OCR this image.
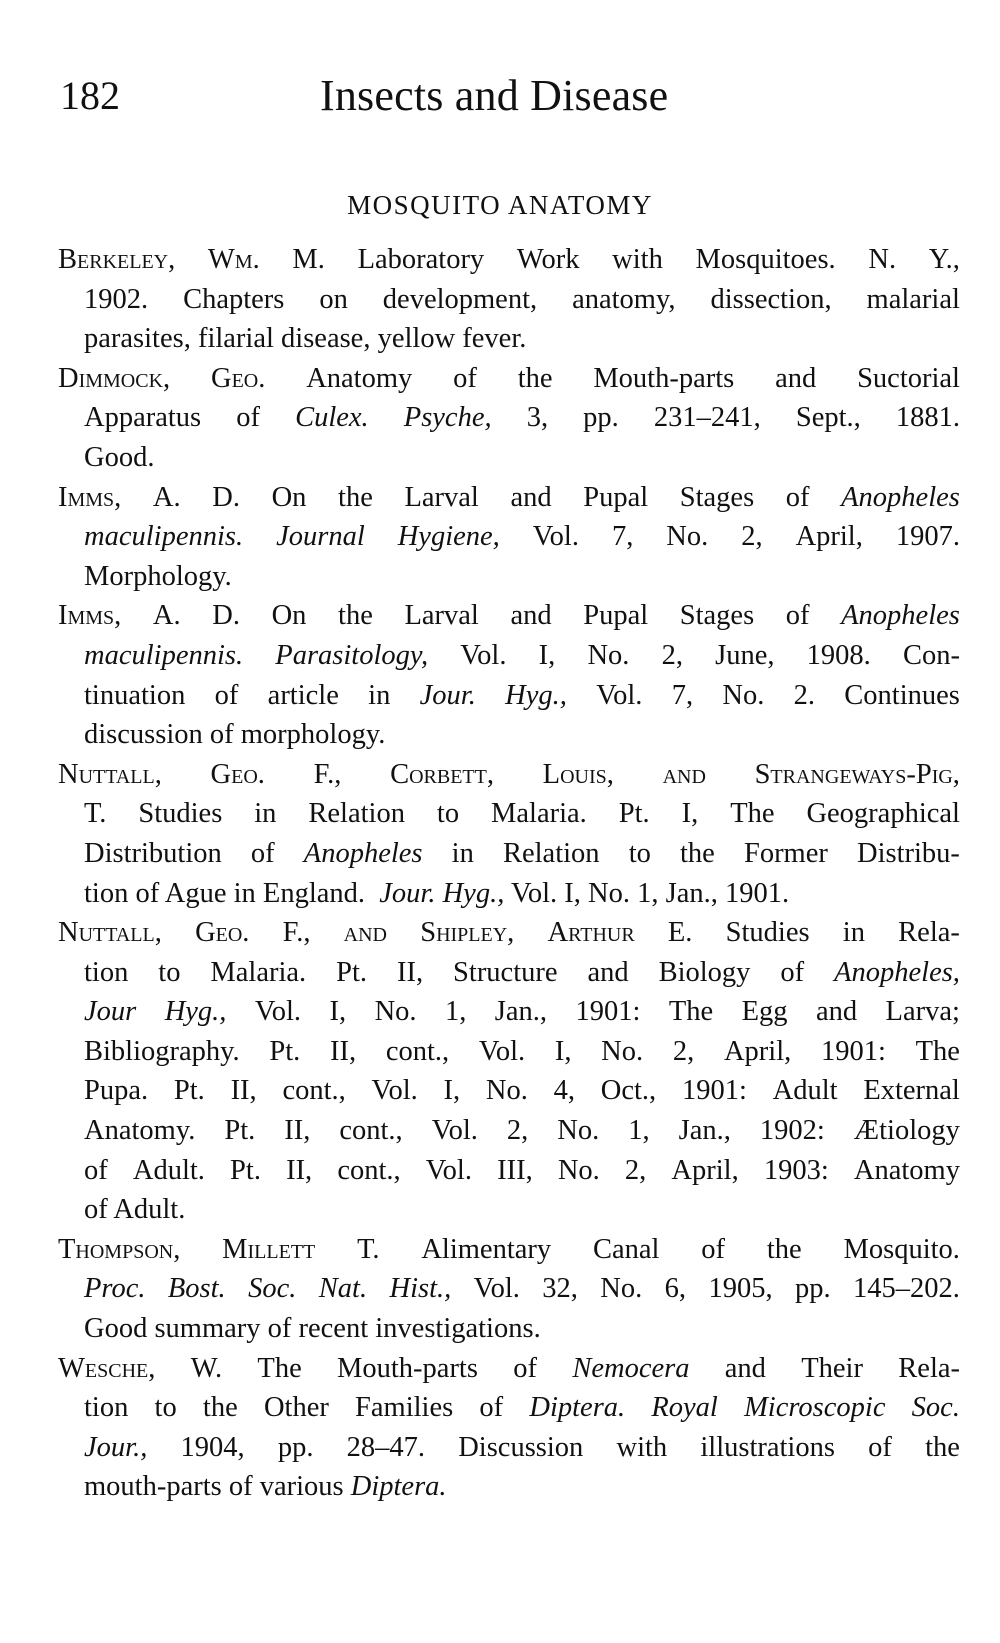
182	Insects and Disease
MOSQUITO ANATOMY
Berkeley, Wm. M. Laboratory Work with Mosquitoes. N. Y.,
1902. Chapters on development, anatomy, dissection, malarial
parasites, filarial disease, yellow fever.
Dimmock, Geo. Anatomy of the Mouth-parts and Suctorial
Apparatus of Culex. Psyche, 3, pp. 231–241, Sept., 1881.
Good.
Imms, A. D. On the Larval and Pupal Stages of Anopheles
maculipennis. Journal Hygiene, Vol. 7, No. 2, April, 1907.
Morphology.
Imms, A. D. On the Larval and Pupal Stages of Anopheles
maculipennis. Parasitology, Vol. I, No. 2, June, 1908. Con-
tinuation of article in Jour. Hyg., Vol. 7, No. 2. Continues
discussion of morphology.
Nuttall, Geo. F., Corbett, Louis, and Strangeways-Pig,
T. Studies in Relation to Malaria. Pt. I, The Geographical
Distribution of Anopheles in Relation to the Former Distribu-
tion of Ague in England. Jour. Hyg., Vol. I, No. 1, Jan., 1901.
Nuttall, Geo. F., and Shipley, Arthur E. Studies in Rela-
tion to Malaria. Pt. II, Structure and Biology of Anopheles,
Jour Hyg., Vol. I, No. 1, Jan., 1901: The Egg and Larva;
Bibliography. Pt. II, cont., Vol. I, No. 2, April, 1901: The
Pupa. Pt. II, cont., Vol. I, No. 4, Oct., 1901: Adult External
Anatomy. Pt. II, cont., Vol. 2, No. 1, Jan., 1902: Ætiology
of Adult. Pt. II, cont., Vol. III, No. 2, April, 1903: Anatomy
of Adult.
Thompson, Millett T. Alimentary Canal of the Mosquito.
Proc. Bost. Soc. Nat. Hist., Vol. 32, No. 6, 1905, pp. 145–202.
Good summary of recent investigations.
Wesche, W. The Mouth-parts of Nemocera and Their Rela-
tion to the Other Families of Diptera. Royal Microscopic Soc.
Jour., 1904, pp. 28–47. Discussion with illustrations of the
mouth-parts of various Diptera.
